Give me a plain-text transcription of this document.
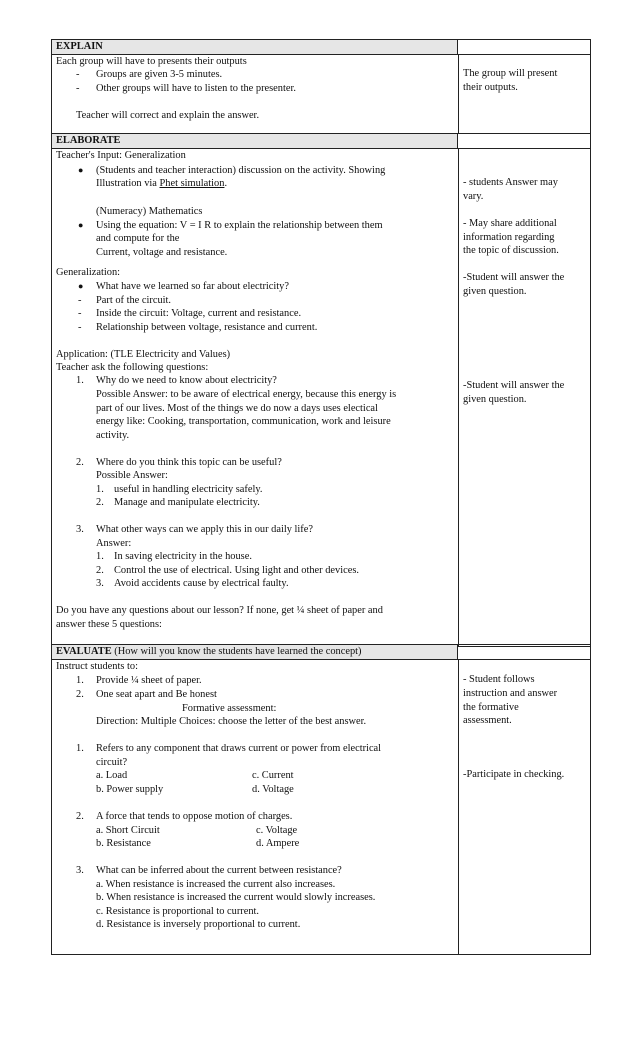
EXPLAIN
Each group will have to presents their outputs
- Groups are given 3-5 minutes.
- Other groups will have to listen to the presenter.
Teacher will correct and explain the answer.
The group will present
their outputs.
ELABORATE
Teacher's Input: Generalization
● (Students and teacher interaction) discussion on the activity. Showing
Illustration via Phet simulation.
(Numeracy) Mathematics
● Using the equation: V = I R to explain the relationship between them
and compute for the
Current, voltage and resistance.
Generalization:
● What have we learned so far about electricity?
- Part of the circuit.
- Inside the circuit: Voltage, current and resistance.
- Relationship between voltage, resistance and current.
Application: (TLE Electricity and Values)
Teacher ask the following questions:
1. Why do we need to know about electricity?
Possible Answer: to be aware of electrical energy, because this energy is
part of our lives. Most of the things we do now a days uses electical
energy like: Cooking, transportation, communication, work and leisure
activity.
2. Where do you think this topic can be useful?
Possible Answer:
1. useful in handling electricity safely.
2. Manage and manipulate electricity.
3. What other ways can we apply this in our daily life?
Answer:
1. In saving electricity in the house.
2. Control the use of electrical. Using light and other devices.
3. Avoid accidents cause by electrical faulty.
Do you have any questions about our lesson? If none, get ¼ sheet of paper and
answer these 5 questions:
- students Answer may
vary.
- May share additional
information regarding
the topic of discussion.
-Student will answer the
given question.
-Student will answer the
given question.
EVALUATE (How will you know the students have learned the concept)
Instruct students to:
1. Provide ¼ sheet of paper.
2. One seat apart and Be honest
Formative assessment:
Direction: Multiple Choices: choose the letter of the best answer.
1. Refers to any component that draws current or power from electrical
circuit?
a. Load	c. Current
b. Power supply	d. Voltage
2. A force that tends to oppose motion of charges.
a. Short Circuit	c. Voltage
b. Resistance	d. Ampere
3. What can be inferred about the current between resistance?
a. When resistance is increased the current also increases.
b. When resistance is increased the current would slowly increases.
c. Resistance is proportional to current.
d. Resistance is inversely proportional to current.
- Student follows
instruction and answer
the formative
assessment.
-Participate in checking.
